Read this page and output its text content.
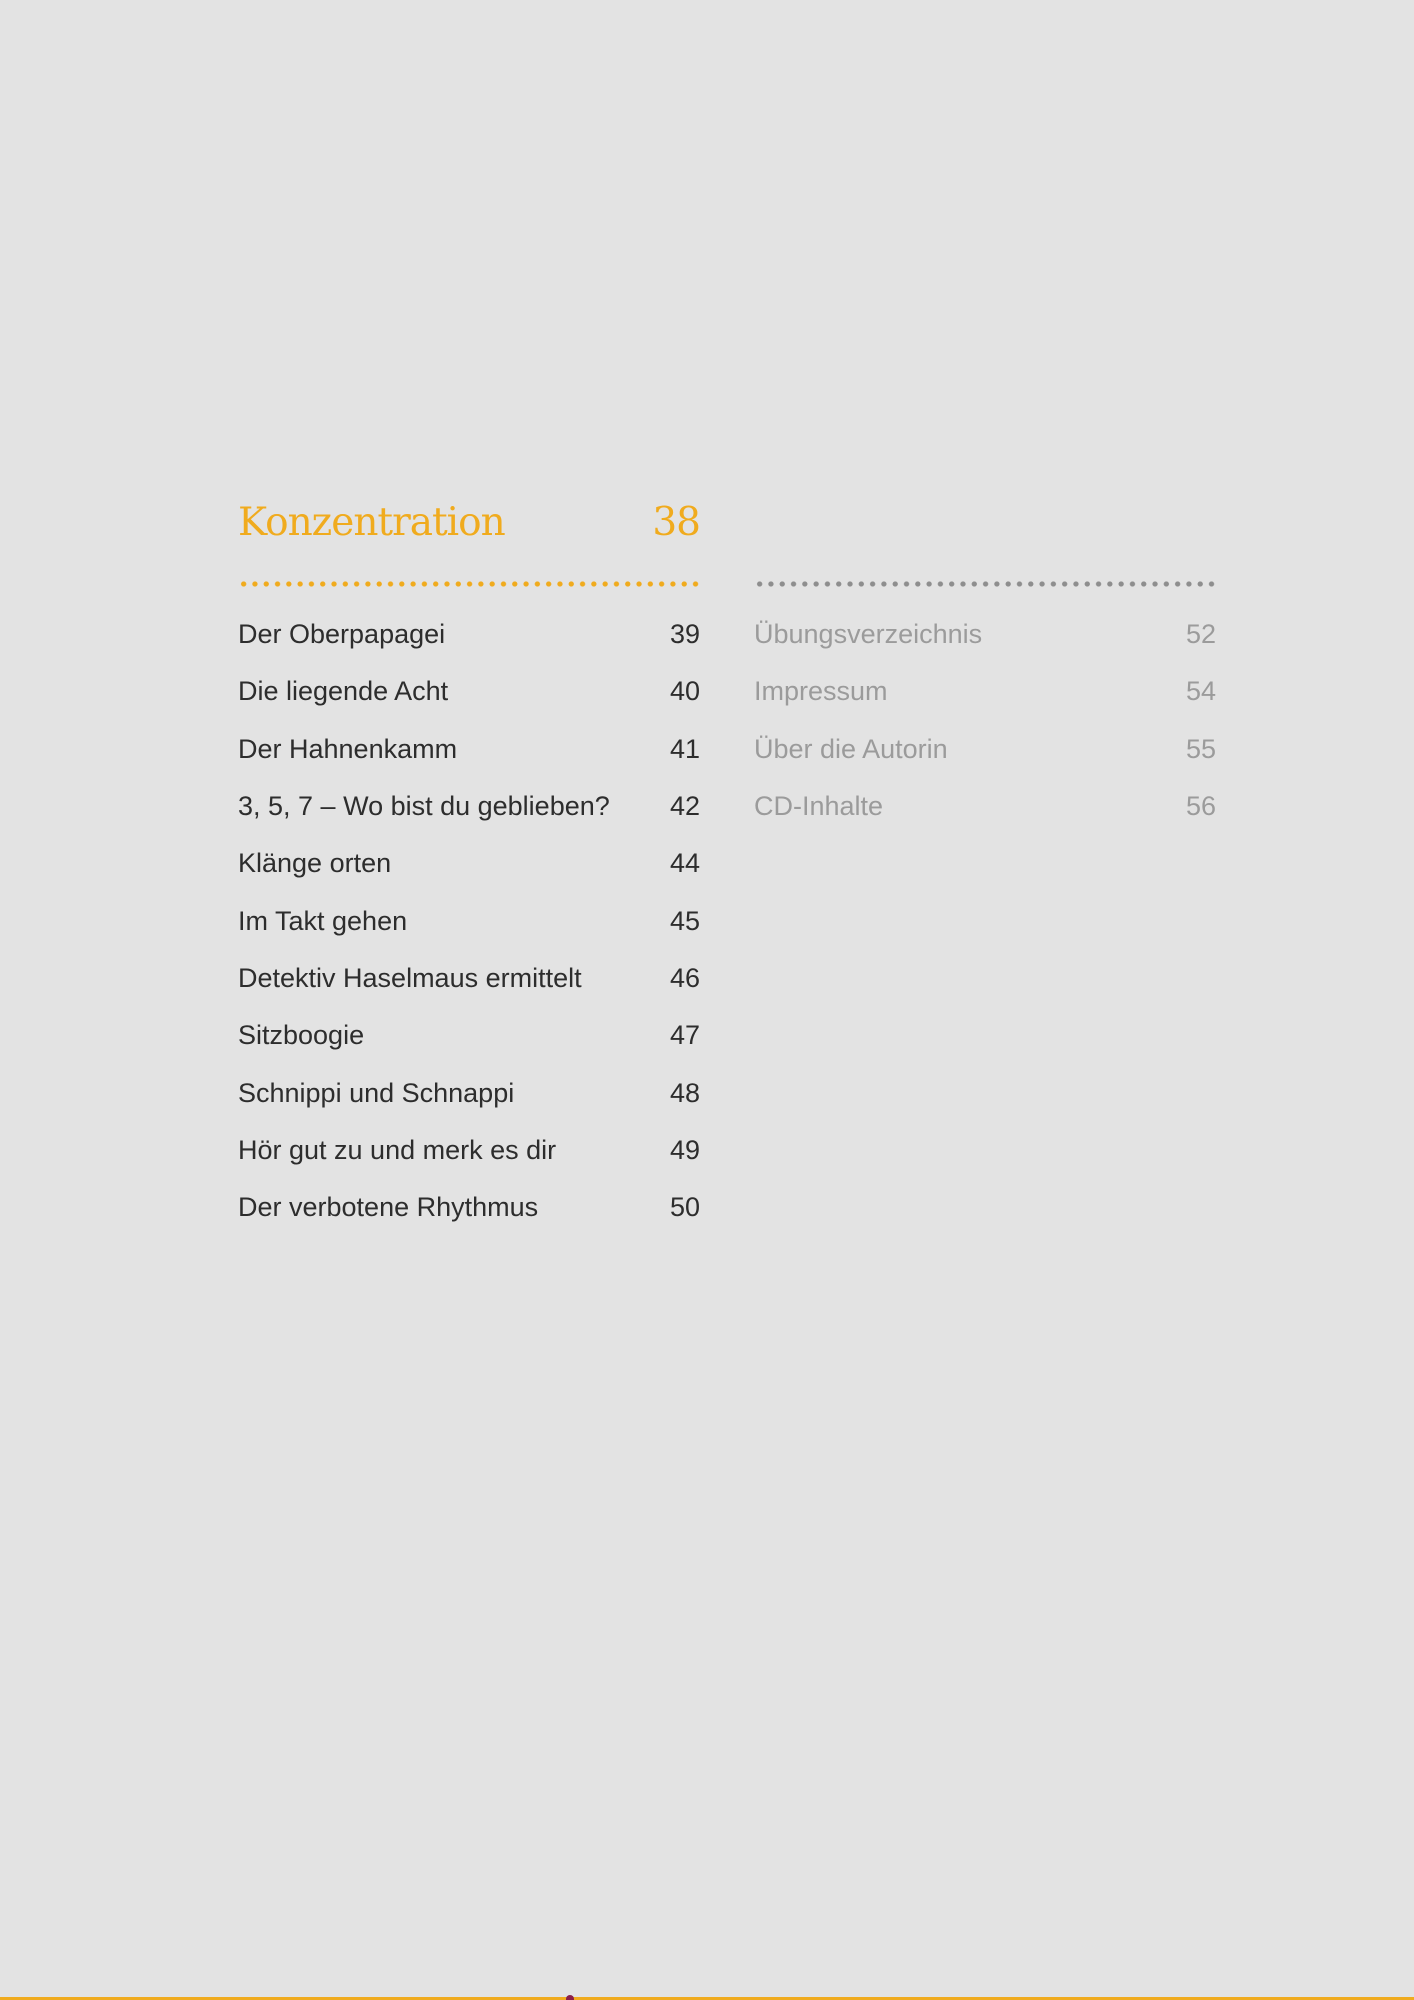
Konzentration	38
Der Oberpapagei	39
Die liegende Acht	40
Der Hahnenkamm	41
3, 5, 7 – Wo bist du geblieben?	42
Klänge orten	44
Im Takt gehen	45
Detektiv Haselmaus ermittelt	46
Sitzboogie	47
Schnippi und Schnappi	48
Hör gut zu und merk es dir	49
Der verbotene Rhythmus	50
Übungsverzeichnis	52
Impressum	54
Über die Autorin	55
CD-Inhalte	56
